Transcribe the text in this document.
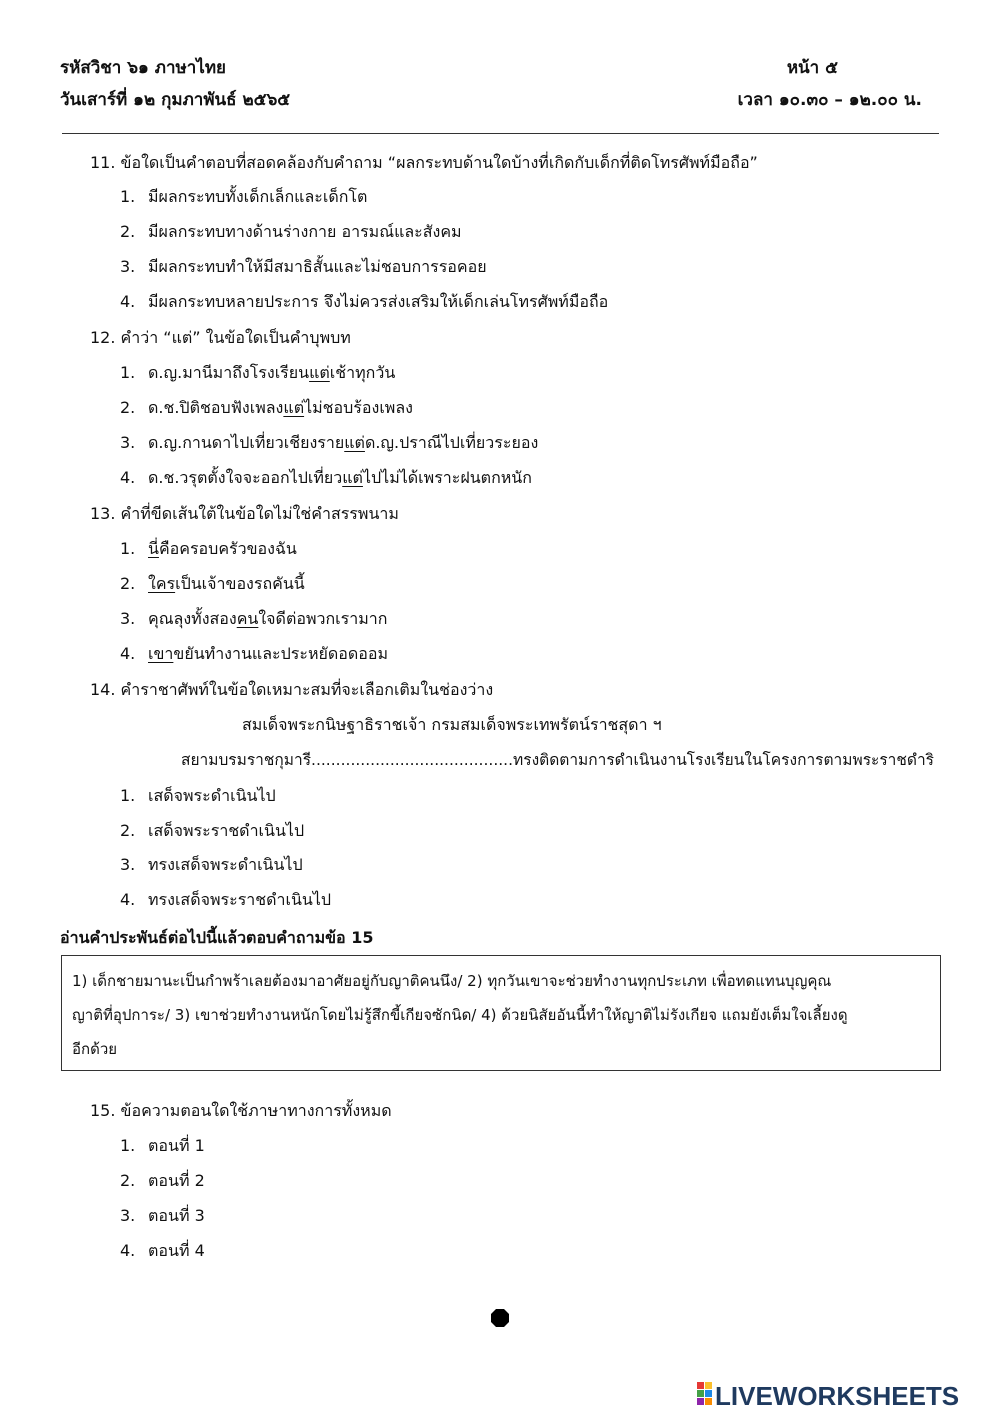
รหัสวิชา ๖๑ ภาษาไทย
วันเสาร์ที่ ๑๒ กุมภาพันธ์ ๒๕๖๕
หน้า ๕
เวลา ๑๐.๓๐ – ๑๒.๐๐ น.
11. ข้อใดเป็นคำตอบที่สอดคล้องกับคำถาม “ผลกระทบด้านใดบ้างที่เกิดกับเด็กที่ติดโทรศัพท์มือถือ”
1. มีผลกระทบทั้งเด็กเล็กและเด็กโต
2. มีผลกระทบทางด้านร่างกาย อารมณ์และสังคม
3. มีผลกระทบทำให้มีสมาธิสั้นและไม่ชอบการรอคอย
4. มีผลกระทบหลายประการ จึงไม่ควรส่งเสริมให้เด็กเล่นโทรศัพท์มือถือ
12. คำว่า “แต่” ในข้อใดเป็นคำบุพบท
1. ด.ญ.มานีมาถึงโรงเรียนแต่เช้าทุกวัน
2. ด.ช.ปิติชอบฟังเพลงแต่ไม่ชอบร้องเพลง
3. ด.ญ.กานดาไปเที่ยวเชียงรายแต่ด.ญ.ปราณีไปเที่ยวระยอง
4. ด.ช.วรุตตั้งใจจะออกไปเที่ยวแต่ไปไม่ได้เพราะฝนตกหนัก
13. คำที่ขีดเส้นใต้ในข้อใดไม่ใช่คำสรรพนาม
1. นี่คือครอบครัวของฉัน
2. ใครเป็นเจ้าของรถคันนี้
3. คุณลุงทั้งสองคนใจดีต่อพวกเรามาก
4. เขาขยันทำงานและประหยัดอดออม
14. คำราชาศัพท์ในข้อใดเหมาะสมที่จะเลือกเติมในช่องว่าง
สมเด็จพระกนิษฐาธิราชเจ้า กรมสมเด็จพระเทพรัตน์ราชสุดา ฯ
สยามบรมราชกุมารี.........................................ทรงติดตามการดำเนินงานโรงเรียนในโครงการตามพระราชดำริ
1. เสด็จพระดำเนินไป
2. เสด็จพระราชดำเนินไป
3. ทรงเสด็จพระดำเนินไป
4. ทรงเสด็จพระราชดำเนินไป
อ่านคำประพันธ์ต่อไปนี้แล้วตอบคำถามข้อ 15
1) เด็กชายมานะเป็นกำพร้าเลยต้องมาอาศัยอยู่กับญาติคนนึง/ 2) ทุกวันเขาจะช่วยทำงานทุกประเภท เพื่อทดแทนบุญคุณ
ญาติที่อุปการะ/ 3) เขาช่วยทำงานหนักโดยไม่รู้สึกขี้เกียจซักนิด/ 4) ด้วยนิสัยอันนี้ทำให้ญาติไม่รังเกียจ แถมยังเต็มใจเลี้ยงดู
อีกด้วย
15. ข้อความตอนใดใช้ภาษาทางการทั้งหมด
1. ตอนที่ 1
2. ตอนที่ 2
3. ตอนที่ 3
4. ตอนที่ 4
LIVEWORKSHEETS
